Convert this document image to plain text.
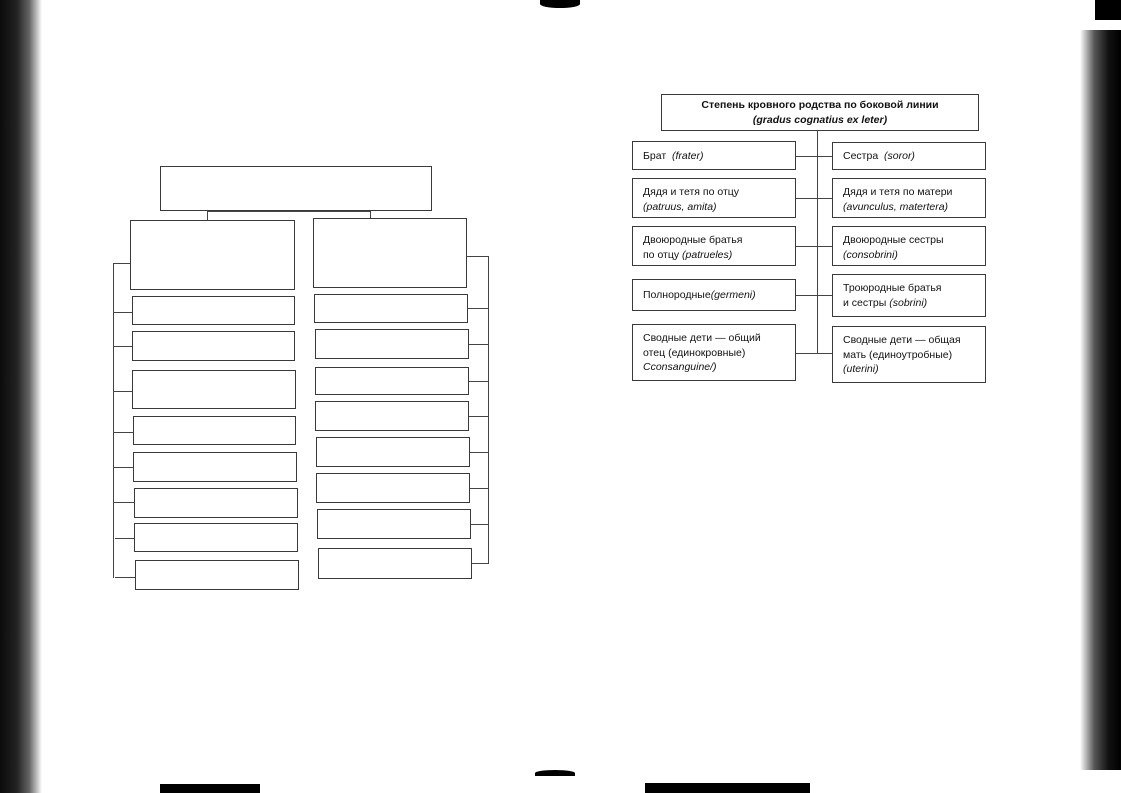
Степень кровного родства по боковой линии
(gradus cognatius ex leter)
Брат (frater)
Дядя и тетя по отцу
(patruus, amita)
Двоюродные братья
по отцу (patrueles)
Полнородные(germeni)
Сводные дети — общий
отец (единокровные)
Cconsanguine/)
Сестра (soror)
Дядя и тетя по матери
(avunculus, matertera)
Двоюродные сестры
(consobrini)
Троюродные братья
и сестры (sobrini)
Сводные дети — общая
мать (единоутробные)
(uterini)
